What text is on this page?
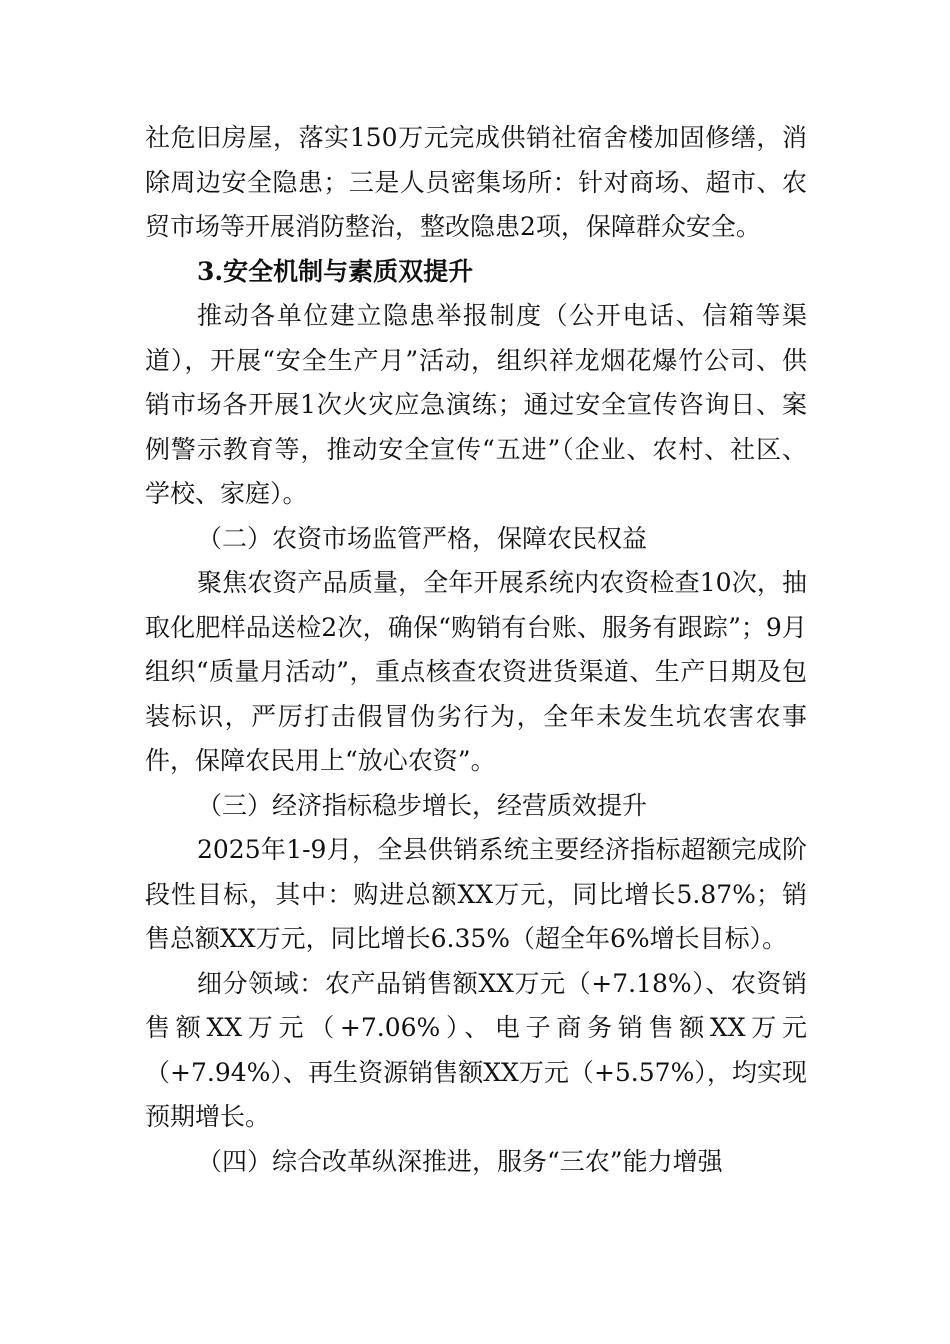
社危旧房屋，落实150万元完成供销社宿舍楼加固修缮，消除周边安全隐患；三是人员密集场所：针对商场、超市、农贸市场等开展消防整治，整改隐患2项，保障群众安全。

3.安全机制与素质双提升

推动各单位建立隐患举报制度（公开电话、信箱等渠道），开展“安全生产月”活动，组织祥龙烟花爆竹公司、供销市场各开展1次火灾应急演练；通过安全宣传咨询日、案例警示教育等，推动安全宣传“五进”（企业、农村、社区、学校、家庭）。

（二）农资市场监管严格，保障农民权益

聚焦农资产品质量，全年开展系统内农资检查10次，抽取化肥样品送检2次，确保“购销有台账、服务有跟踪”；9月组织“质量月活动”，重点核查农资进货渠道、生产日期及包装标识，严厉打击假冒伪劣行为，全年未发生坑农害农事件，保障农民用上“放心农资”。

（三）经济指标稳步增长，经营质效提升

2025年1-9月，全县供销系统主要经济指标超额完成阶段性目标，其中：购进总额XX万元，同比增长5.87%；销售总额XX万元，同比增长6.35%（超全年6%增长目标）。

细分领域：农产品销售额XX万元（+7.18%）、农资销售额XX万元（+7.06%）、电子商务销售额XX万元（+7.94%）、再生资源销售额XX万元（+5.57%），均实现预期增长。

（四）综合改革纵深推进，服务“三农”能力增强
